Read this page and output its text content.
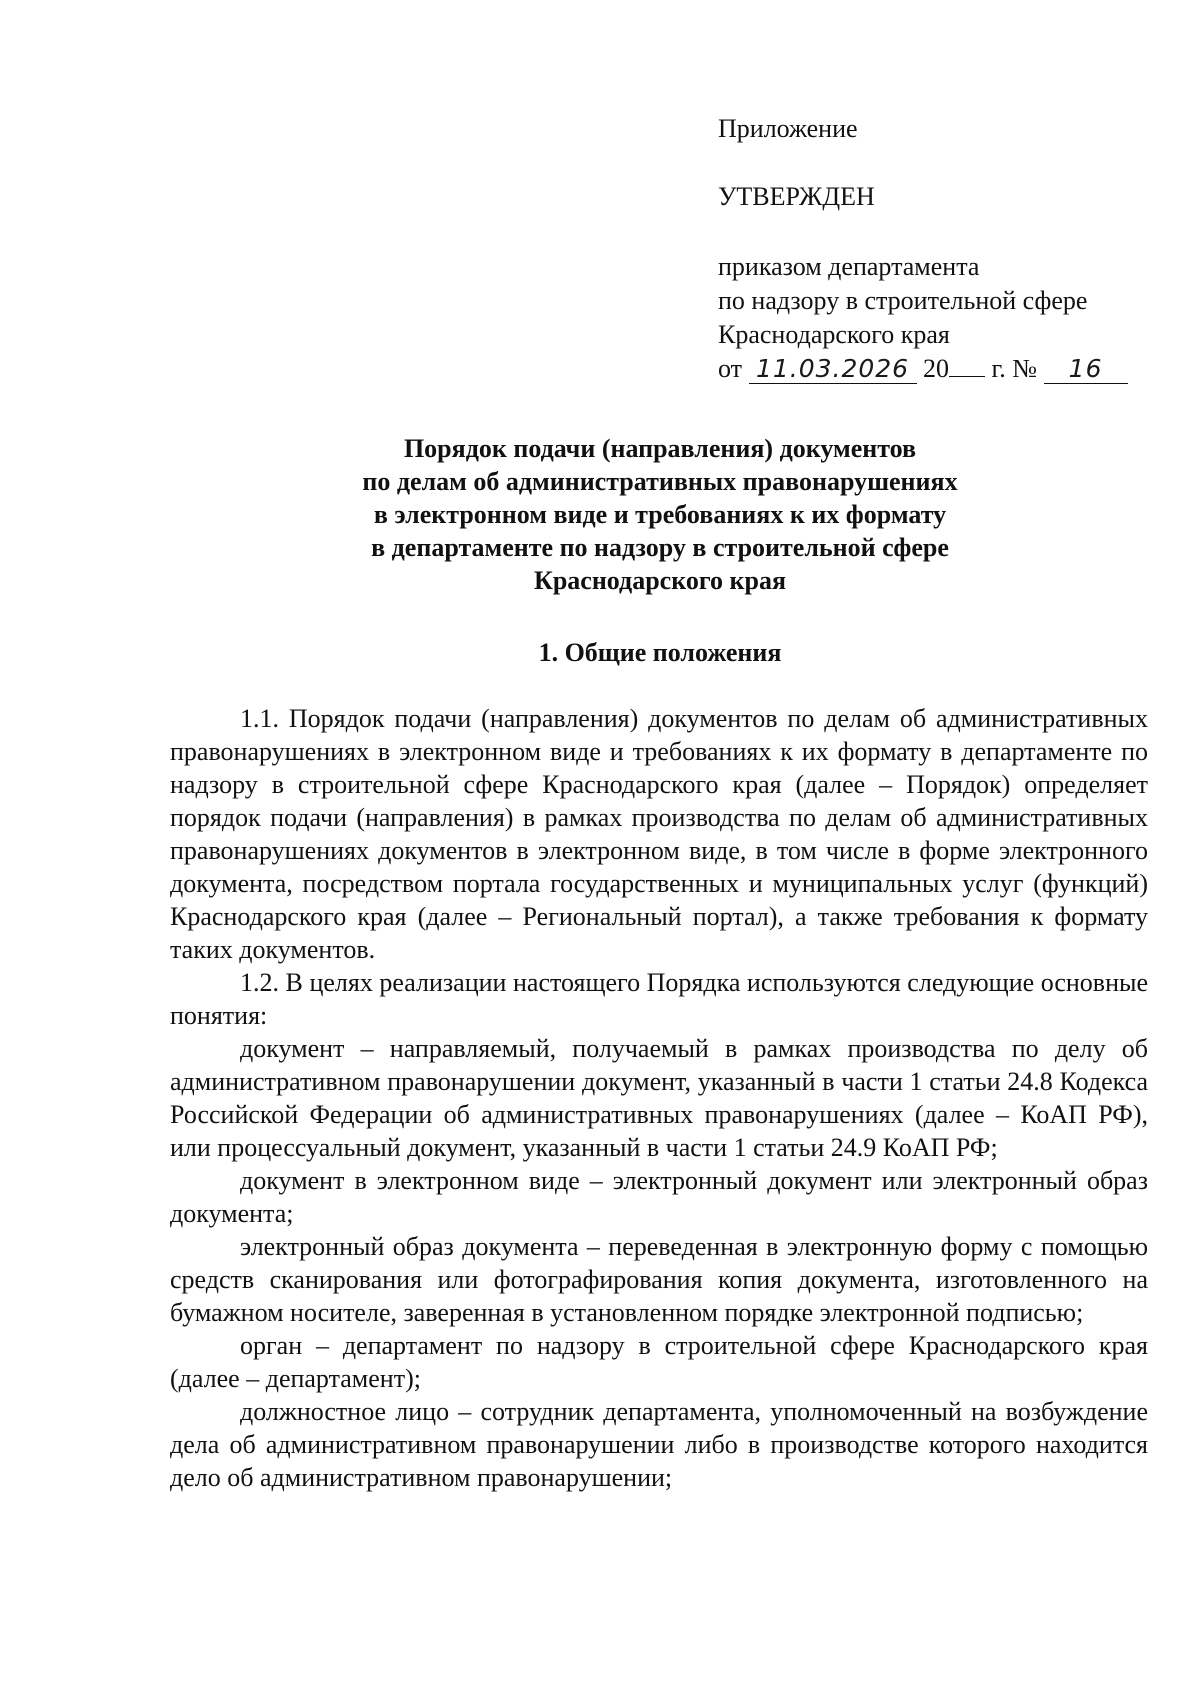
Приложение
УТВЕРЖДЕН
приказом департамента
по надзору в строительной сфере
Краснодарского края
от 11.03.2026 20 г. № 16
Порядок подачи (направления) документов
по делам об административных правонарушениях
в электронном виде и требованиях к их формату
в департаменте по надзору в строительной сфере
Краснодарского края
1. Общие положения

1.1. Порядок подачи (направления) документов по делам об административных правонарушениях в электронном виде и требованиях к их формату в департаменте по надзору в строительной сфере Краснодарского края (далее – Порядок) определяет порядок подачи (направления) в рамках производства по делам об административных правонарушениях документов в электронном виде, в том числе в форме электронного документа, посредством портала государственных и муниципальных услуг (функций) Краснодарского края (далее – Региональный портал), а также требования к формату таких документов.

1.2. В целях реализации настоящего Порядка используются следующие основные понятия:

документ – направляемый, получаемый в рамках производства по делу об административном правонарушении документ, указанный в части 1 статьи 24.8 Кодекса Российской Федерации об административных правонарушениях (далее – КоАП РФ), или процессуальный документ, указанный в части 1 статьи 24.9 КоАП РФ;

документ в электронном виде – электронный документ или электронный образ документа;

электронный образ документа – переведенная в электронную форму с помощью средств сканирования или фотографирования копия документа, изготовленного на бумажном носителе, заверенная в установленном порядке электронной подписью;

орган – департамент по надзору в строительной сфере Краснодарского края (далее – департамент);

должностное лицо – сотрудник департамента, уполномоченный на возбуждение дела об административном правонарушении либо в производстве которого находится дело об административном правонарушении;
